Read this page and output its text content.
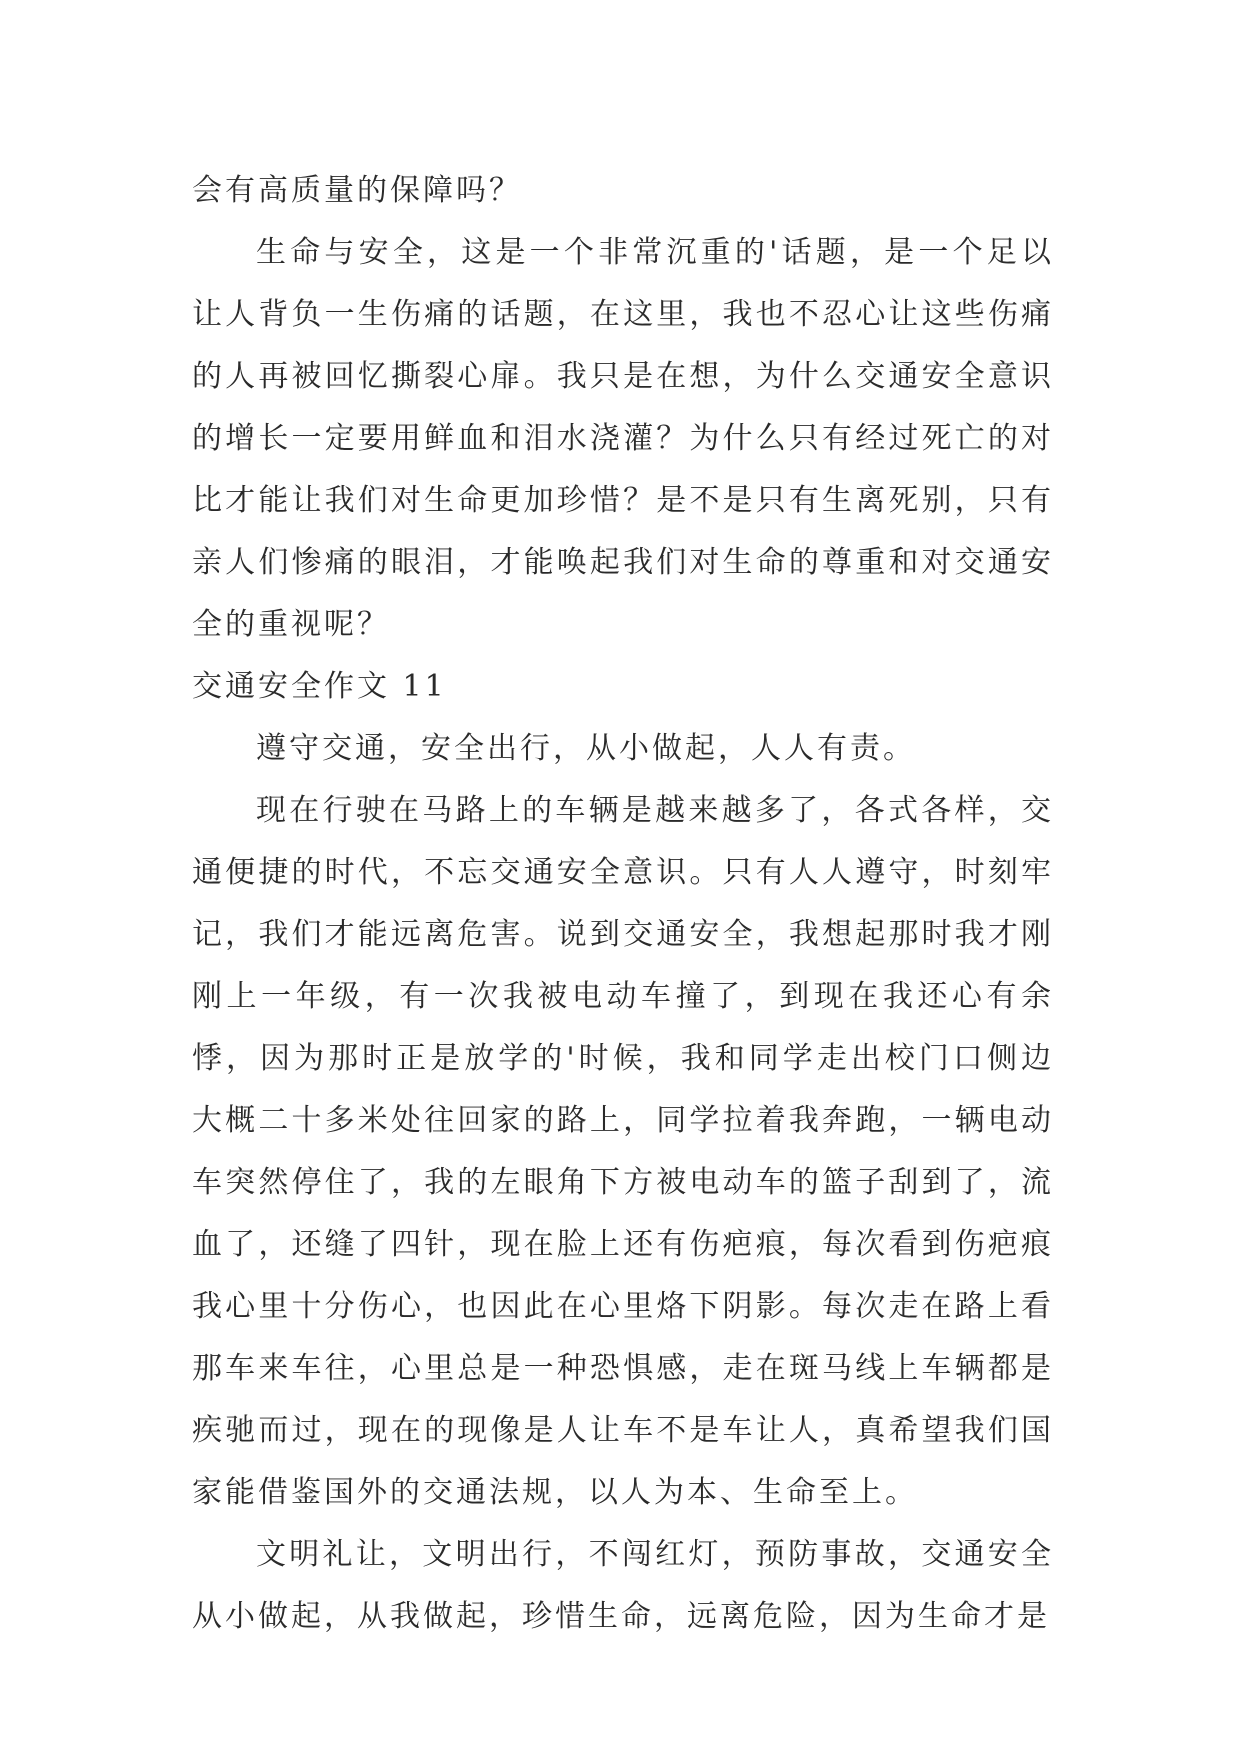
会有高质量的保障吗？

生命与安全，这是一个非常沉重的'话题，是一个足以让人背负一生伤痛的话题，在这里，我也不忍心让这些伤痛的人再被回忆撕裂心扉。我只是在想，为什么交通安全意识的增长一定要用鲜血和泪水浇灌？为什么只有经过死亡的对比才能让我们对生命更加珍惜？是不是只有生离死别，只有亲人们惨痛的眼泪，才能唤起我们对生命的尊重和对交通安全的重视呢？

交通安全作文 11

遵守交通，安全出行，从小做起，人人有责。

现在行驶在马路上的车辆是越来越多了，各式各样，交通便捷的时代，不忘交通安全意识。只有人人遵守，时刻牢记，我们才能远离危害。说到交通安全，我想起那时我才刚刚上一年级，有一次我被电动车撞了，到现在我还心有余悸，因为那时正是放学的'时候，我和同学走出校门口侧边大概二十多米处往回家的路上，同学拉着我奔跑，一辆电动车突然停住了，我的左眼角下方被电动车的篮子刮到了，流血了，还缝了四针，现在脸上还有伤疤痕，每次看到伤疤痕我心里十分伤心，也因此在心里烙下阴影。每次走在路上看那车来车往，心里总是一种恐惧感，走在斑马线上车辆都是疾驰而过，现在的现像是人让车不是车让人，真希望我们国家能借鉴国外的交通法规，以人为本、生命至上。

文明礼让，文明出行，不闯红灯，预防事故，交通安全从小做起，从我做起，珍惜生命，远离危险，因为生命才是
